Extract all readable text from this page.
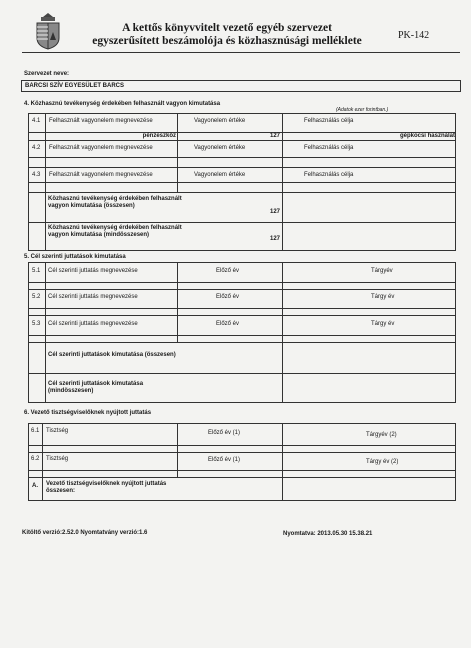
A kettős könyvvitelt vezető egyéb szervezet
egyszerűsített beszámolója és közhasznúsági melléklete	PK-142
Szervezet neve:
BARCSI SZÍV EGYESÜLET BARCS
4. Közhasznú tevékenység érdekében felhasznált vagyon kimutatása
(Adatok ezer forintban.)
4.1 Felhasznált vagyonelem megnevezése	Vagyonelem értéke	Felhasználás célja
pénzeszköz	127	gépkocsi használat
4.2 Felhasznált vagyonelem megnevezése	Vagyonelem értéke	Felhasználás célja
4.3 Felhasznált vagyonelem megnevezése	Vagyonelem értéke	Felhasználás célja
Közhasznú tevékenység érdekében felhasznált vagyon kimutatása (összesen)
127
Közhasznú tevékenység érdekében felhasznált vagyon kimutatása (mindösszesen)
127
5. Cél szerinti juttatások kimutatása
5.1 Cél szerinti juttatás megnevezése	Előző év	Tárgyév
5.2 Cél szerinti juttatás megnevezése	Előző év	Tárgy év
5.3 Cél szerinti juttatás megnevezése	Előző év	Tárgy év
Cél szerinti juttatások kimutatása (összesen)
Cél szerinti juttatások kimutatása (mindösszesen)
6. Vezető tisztségviselőknek nyújtott juttatás
6.1 Tisztség	Előző év (1)	Tárgyév (2)
6.2 Tisztség	Előző év (1)	Tárgy év (2)
A. Vezető tisztségviselőknek nyújtott juttatás összesen:
Kitöltő verzió:2.52.0 Nyomtatvány verzió:1.6	Nyomtatva: 2013.05.30 15.38.21
